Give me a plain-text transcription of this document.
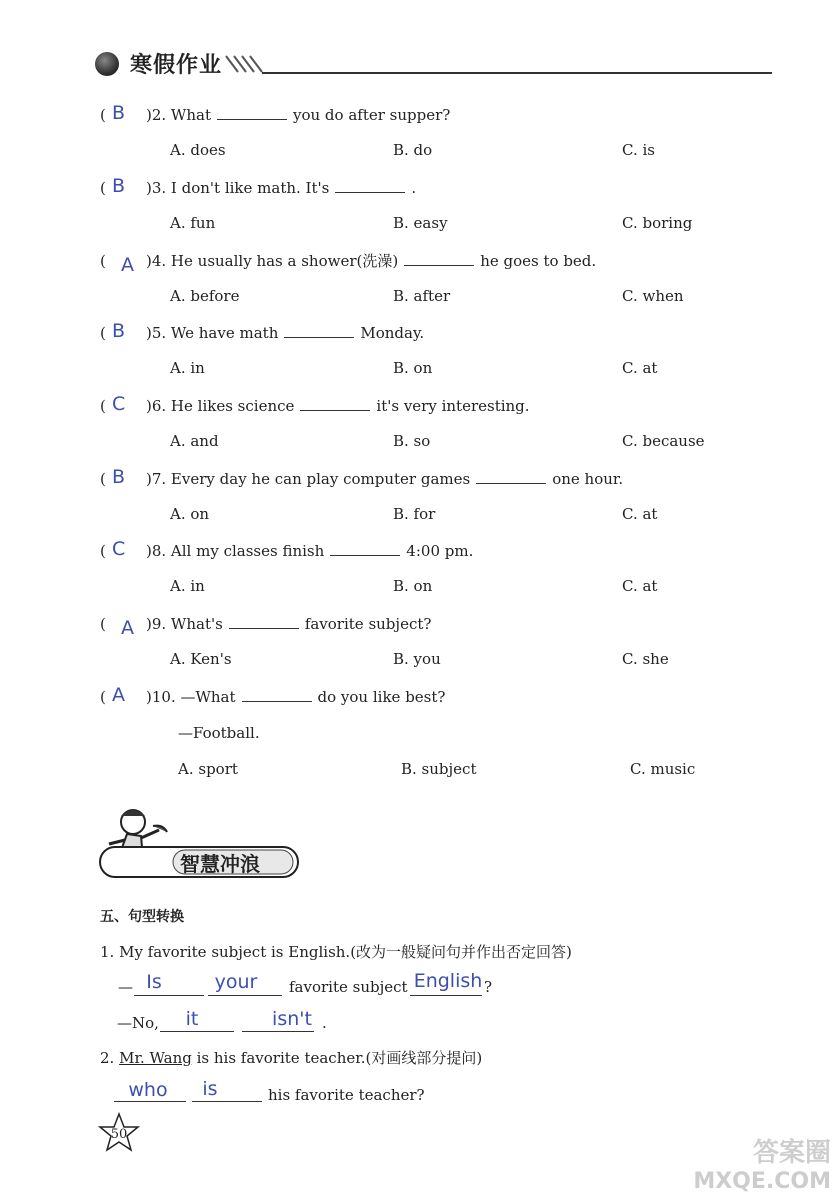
寒假作业
( B )2. What	you do after supper?
A. does	B. do	C. is
( B )3. I don't like math. It's	.
A. fun	B. easy	C. boring
( A )4. He usually has a shower(洗澡)	he goes to bed.
A. before	B. after	C. when
( B )5. We have math	Monday.
A. in	B. on	C. at
( C )6. He likes science	it's very interesting.
A. and	B. so	C. because
( B )7. Every day he can play computer games	one hour.
A. on	B. for	C. at
( C )8. All my classes finish	4:00 pm.
A. in	B. on	C. at
( A )9. What's	favorite subject?
A. Ken's	B. you	C. she
( A )10. —What	do you like best?
—Football.
A. sport	B. subject	C. music
智慧冲浪
五、句型转换
1. My favorite subject is English.(改为一般疑问句并作出否定回答)
— Is	your	favorite subject English ?
—No,	it	isn't .
2. Mr. Wang is his favorite teacher.(对画线部分提问)
who	is	his favorite teacher?
50
答案圈
MXQE.COM
